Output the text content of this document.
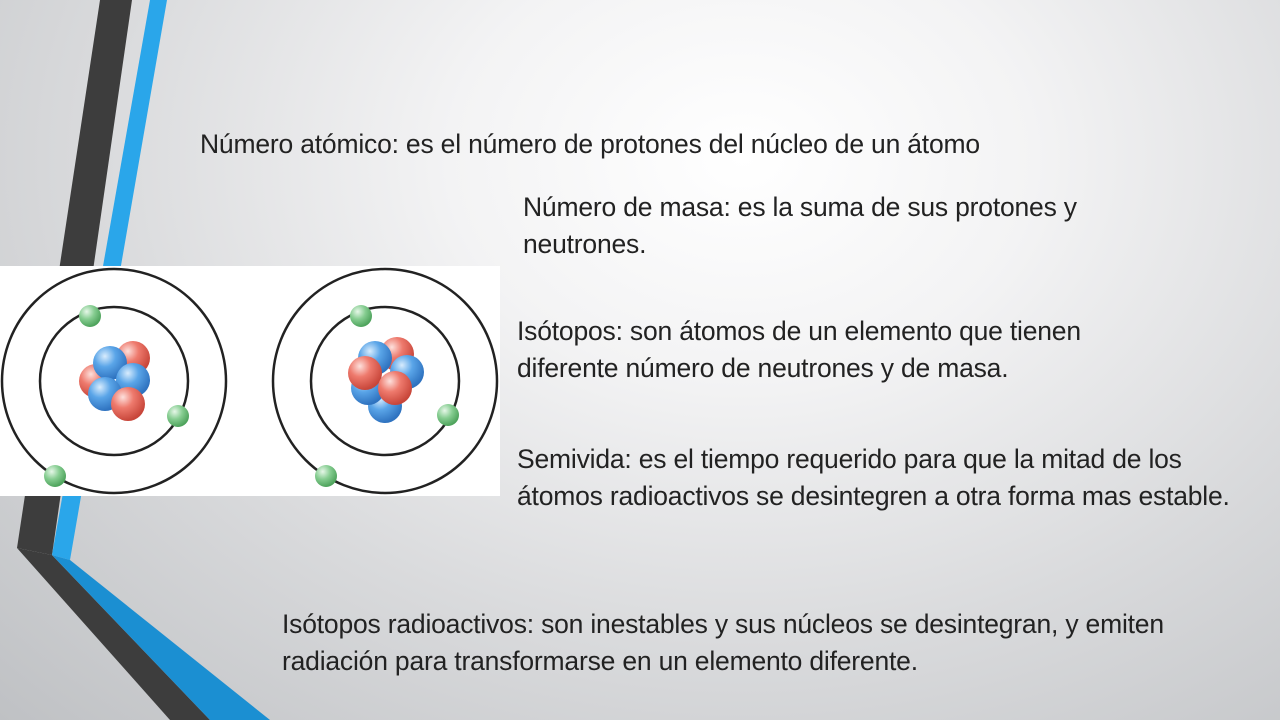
Número atómico: es el número de protones del núcleo de un átomo

Número de masa: es la suma de sus protones y neutrones.

Isótopos: son átomos de un elemento que tienen diferente número de neutrones y de masa.

Semivida: es el tiempo requerido para que la mitad de los átomos radioactivos se desintegren a otra forma mas estable.

Isótopos radioactivos: son inestables y sus núcleos se desintegran, y emiten radiación para transformarse en un elemento diferente.
